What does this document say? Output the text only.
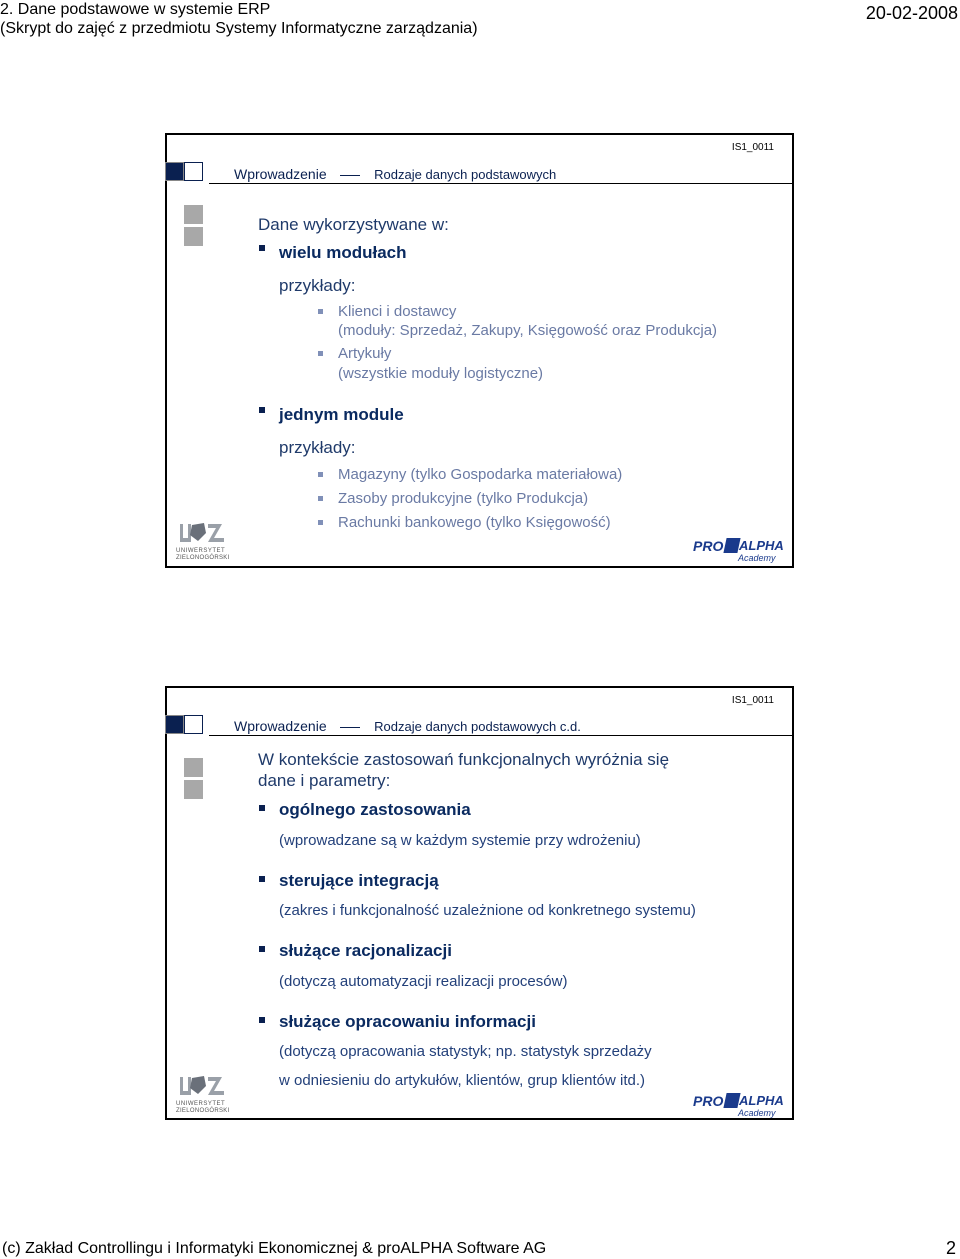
2. Dane podstawowe w systemie ERP
(Skrypt do zajęć z przedmiotu Systemy Informatyczne zarządzania)
20-02-2008
IS1_0011
Wprowadzenie	Rodzaje danych podstawowych
Dane wykorzystywane w:
wielu modułach
przykłady:
Klienci i dostawcy
(moduły: Sprzedaż, Zakupy, Księgowość oraz Produkcja)
Artykuły
(wszystkie moduły logistyczne)
jednym module
przykłady:
Magazyny (tylko Gospodarka materiałowa)
Zasoby produkcyjne (tylko Produkcja)
Rachunki bankowego (tylko Księgowość)
UNIWERSYTET
ZIELONOGÓRSKI
PRO ALPHA
Academy
IS1_0011
Wprowadzenie	Rodzaje danych podstawowych c.d.
W kontekście zastosowań funkcjonalnych wyróżnia się
dane i parametry:
ogólnego zastosowania
(wprowadzane są w każdym systemie przy wdrożeniu)
sterujące integracją
(zakres i funkcjonalność uzależnione od konkretnego systemu)
służące racjonalizacji
(dotyczą automatyzacji realizacji procesów)
służące opracowaniu informacji
(dotyczą opracowania statystyk; np. statystyk sprzedaży
w odniesieniu do artykułów, klientów, grup klientów itd.)
UNIWERSYTET
ZIELONOGÓRSKI
PRO ALPHA
Academy
(c) Zakład Controllingu i Informatyki Ekonomicznej & proALPHA Software AG	2
